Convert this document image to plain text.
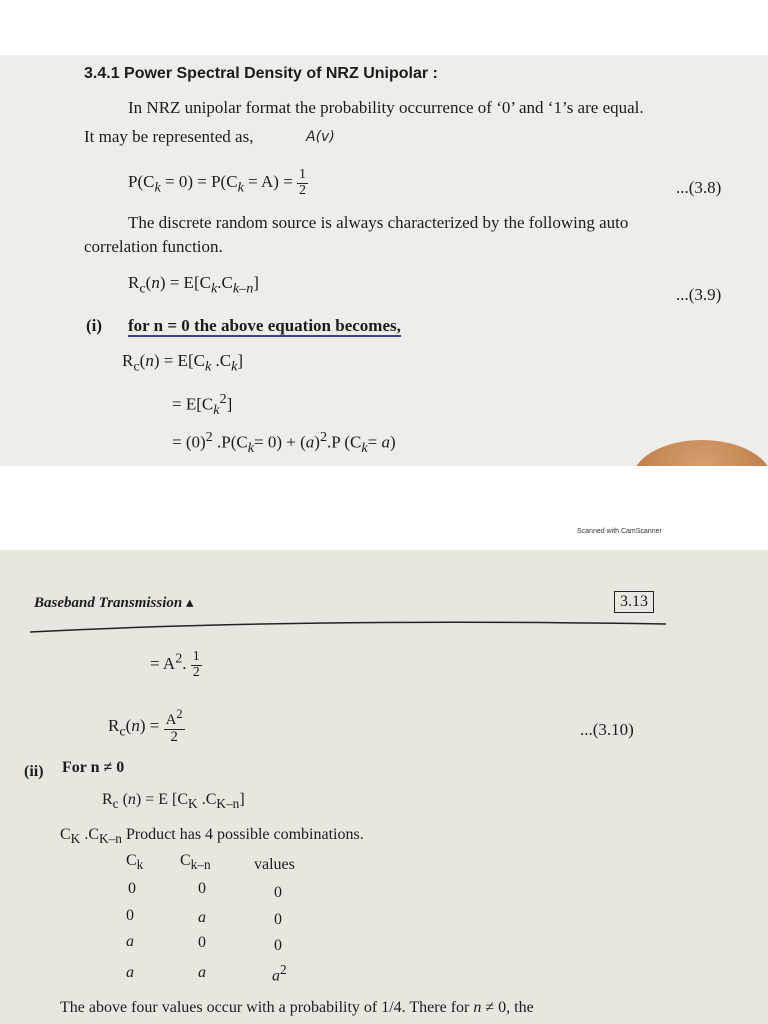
3.4.1 Power Spectral Density of NRZ Unipolar :
In NRZ unipolar format the probability occurrence of ‘0’ and ‘1’s are equal.
It may be represented as,	A(v)
$P(C_k = 0) = P(C_k = A) = \frac{1}{2}$	...(3.8)
The discrete random source is always characterized by the following auto
correlation function.
$R_c(n) = E[C_k.C_{k-n}]$
...(3.9)
(i) for n = 0 the above equation becomes,
$R_c(n) = E[C_k$ $.C_k$]
= $E[C_k^2]$
= $(0)^2$ $.P(C_k= 0) + (a)^2.P$ $(C_k= a)$
Scanned with CamScanner
Baseband Transmission ▴	3.13
= $A^2$. $\frac{1}{2}$
$R_c(n) = \frac{A^2}{2}$	...(3.10)
(ii) For n ≠ 0
$R_c$ (n) = E [$C_K$ $.C_{K-n}$]
$C_K$ $.C_{K-n}$ Product has 4 possible combinations.
$C_k$ $C_{k-n}$	values
0	0	0
0	a	0
a	0	0
a	a	$a^2$
The above four values occur with a probability of 1/4. There for n ≠ 0, the
